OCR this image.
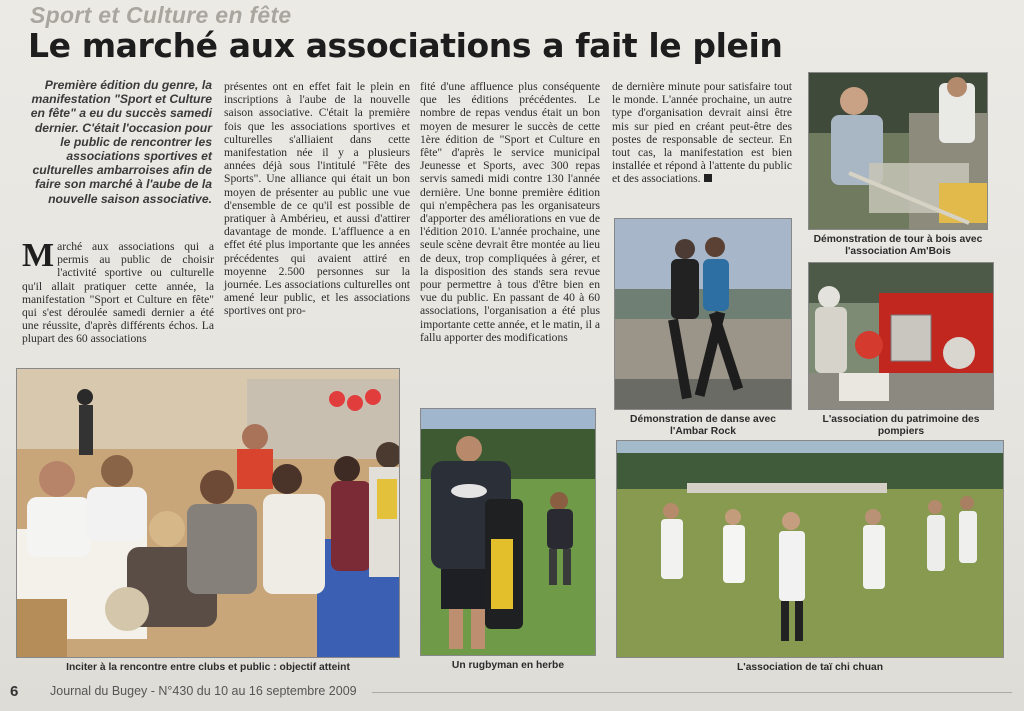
Sport et Culture en fête
Le marché aux associations a fait le plein
Première édition du genre, la manifestation "Sport et Culture en fête" a eu du succès samedi dernier. C'était l'occasion pour le public de rencontrer les associations sportives et culturelles ambarroises afin de faire son marché à l'aube de la nouvelle saison associative.
Marché aux associations qui a permis au public de choisir l'activité sportive ou culturelle qu'il allait pratiquer cette année, la manifestation "Sport et Culture en fête" qui s'est déroulée samedi dernier a été une réussite, d'après différents échos. La plupart des 60 associations
présentes ont en effet fait le plein en inscriptions à l'aube de la nouvelle saison associative. C'était la première fois que les associations sportives et culturelles s'alliaient dans cette manifestation née il y a plusieurs années déjà sous l'intitulé "Fête des Sports". Une alliance qui était un bon moyen de présenter au public une vue d'ensemble de ce qu'il est possible de pratiquer à Ambérieu, et aussi d'attirer davantage de monde. L'affluence a en effet été plus importante que les années précédentes qui avaient attiré en moyenne 2.500 personnes sur la journée. Les associations culturelles ont amené leur public, et les associations sportives ont pro-
fité d'une affluence plus conséquente que les éditions précédentes. Le nombre de repas vendus était un bon moyen de mesurer le succès de cette 1ère édition de "Sport et Culture en fête" d'après le service municipal Jeunesse et Sports, avec 300 repas servis samedi midi contre 130 l'année dernière. Une bonne première édition qui n'empêchera pas les organisateurs d'apporter des améliorations en vue de l'édition 2010. L'année prochaine, une seule scène devrait être montée au lieu de deux, trop compliquées à gérer, et la disposition des stands sera revue pour permettre à tous d'être bien en vue du public. En passant de 40 à 60 associations, l'organisation a été plus importante cette année, et le matin, il a fallu apporter des modifications
de dernière minute pour satisfaire tout le monde. L'année prochaine, un autre type d'organisation devrait ainsi être mis sur pied en créant peut-être des postes de responsable de secteur. En tout cas, la manifestation est bien installée et répond à l'attente du public et des associations.
Démonstration de tour à bois avec l'association Am'Bois
Démonstration de danse avec l'Ambar Rock
L'association du patrimoine des pompiers
Inciter à la rencontre entre clubs et public : objectif atteint	Un rugbyman en herbe	L'association de taï chi chuan
6	Journal du Bugey - N°430 du 10 au 16 septembre 2009
